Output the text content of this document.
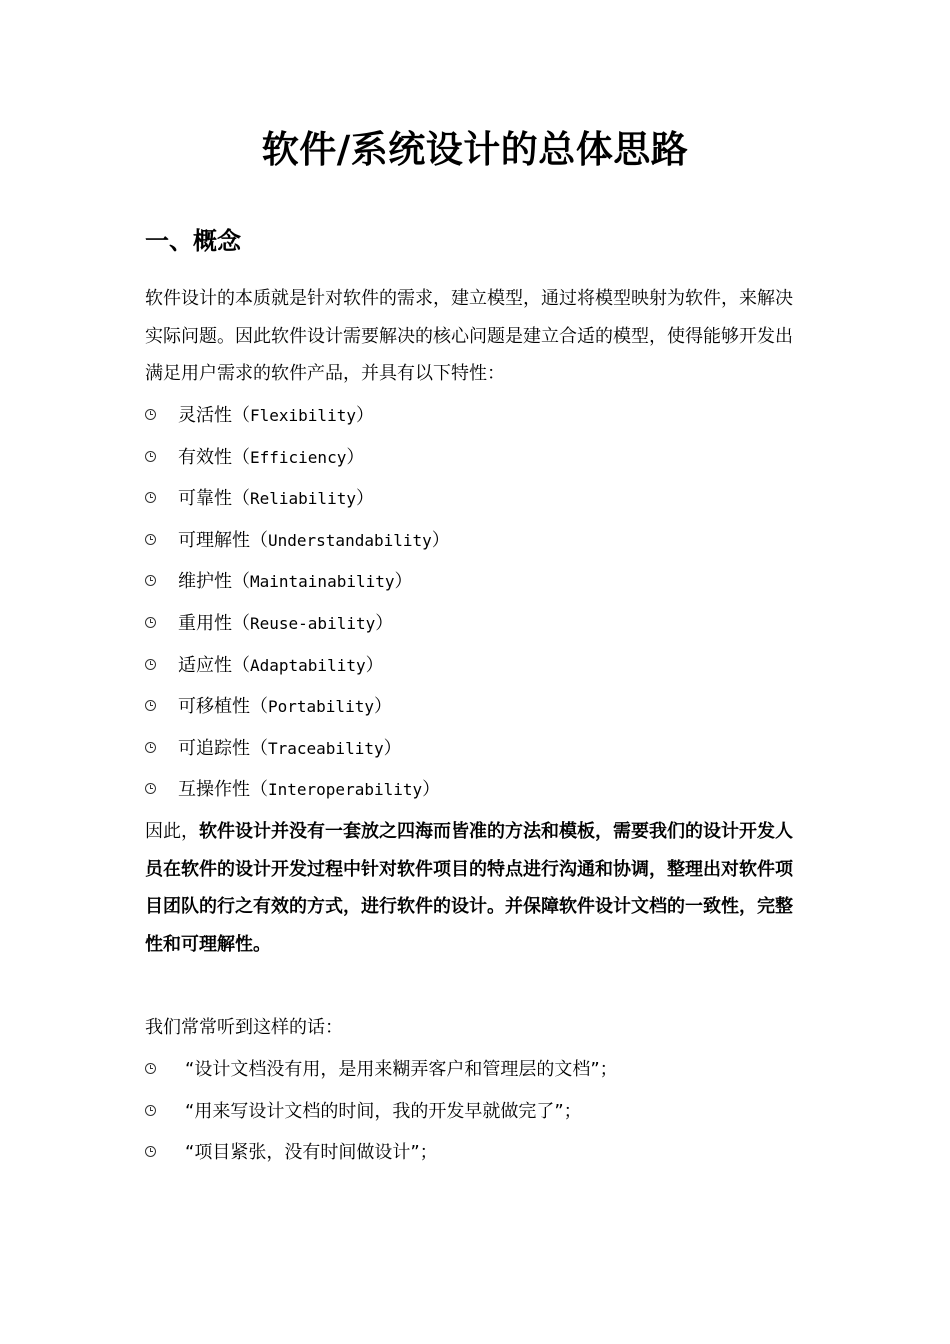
软件/系统设计的总体思路
一、概念
软件设计的本质就是针对软件的需求，建立模型，通过将模型映射为软件，来解决实际问题。因此软件设计需要解决的核心问题是建立合适的模型，使得能够开发出满足用户需求的软件产品，并具有以下特性：
灵活性（Flexibility）
有效性（Efficiency）
可靠性（Reliability）
可理解性（Understandability）
维护性（Maintainability）
重用性（Reuse-ability）
适应性（Adaptability）
可移植性（Portability）
可追踪性（Traceability）
互操作性（Interoperability）
因此，软件设计并没有一套放之四海而皆准的方法和模板，需要我们的设计开发人员在软件的设计开发过程中针对软件项目的特点进行沟通和协调，整理出对软件项目团队的行之有效的方式，进行软件的设计。并保障软件设计文档的一致性，完整性和可理解性。
我们常常听到这样的话：
“设计文档没有用，是用来糊弄客户和管理层的文档”；
“用来写设计文档的时间，我的开发早就做完了”；
“项目紧张，没有时间做设计”；
